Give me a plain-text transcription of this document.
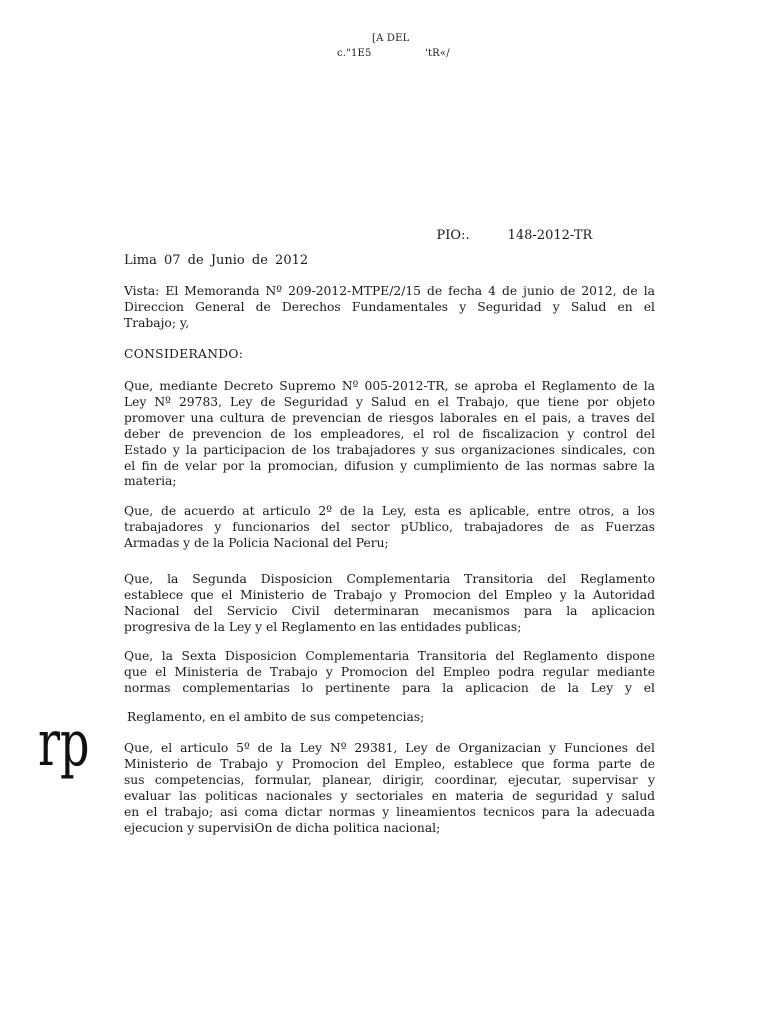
[A DEL
c."1E5	'tR«/

PIO:.	148-2012-TR

Lima 07 de Junio de 2012
Vista: El Memoranda Nº 209-2012-MTPE/2/15 de fecha 4 de junio de 2012, de la
Direccion General de Derechos Fundamentales y Seguridad y Salud en el
Trabajo; y,
CONSIDERANDO:
Que, mediante Decreto Supremo Nº 005-2012-TR, se aproba el Reglamento de la
Ley Nº 29783, Ley de Seguridad y Salud en el Trabajo, que tiene por objeto
promover una cultura de prevencian de riesgos laborales en el pais, a traves del
deber de prevencion de los empleadores, el rol de fiscalizacion y control del
Estado y la participacion de los trabajadores y sus organizaciones sindicales, con
el fin de velar por la promocian, difusion y cumplimiento de las normas sabre la
materia;
Que, de acuerdo at articulo 2º de la Ley, esta es aplicable, entre otros, a los
trabajadores y funcionarios del sector pUblico, trabajadores de as Fuerzas
Armadas y de la Policia Nacional del Peru;
Que, la Segunda Disposicion Complementaria Transitoria del Reglamento
establece que el Ministerio de Trabajo y Promocion del Empleo y la Autoridad
Nacional del Servicio Civil determinaran mecanismos para la aplicacion
progresiva de la Ley y el Reglamento en las entidades publicas;
Que, la Sexta Disposicion Complementaria Transitoria del Reglamento dispone
que el Ministeria de Trabajo y Promocion del Empleo podra regular mediante
normas complementarias lo pertinente para la aplicacion de la Ley y el
Reglamento, en el ambito de sus competencias;
Que, el articulo 5º de la Ley Nº 29381, Ley de Organizacian y Funciones del
Ministerio de Trabajo y Promocion del Empleo, establece que forma parte de
sus competencias, formular, planear, dirigir, coordinar, ejecutar, supervisar y
evaluar las politicas nacionales y sectoriales en materia de seguridad y salud
en el trabajo; asi coma dictar normas y lineamientos tecnicos para la adecuada
ejecucion y supervisiOn de dicha politica nacional;
rp
